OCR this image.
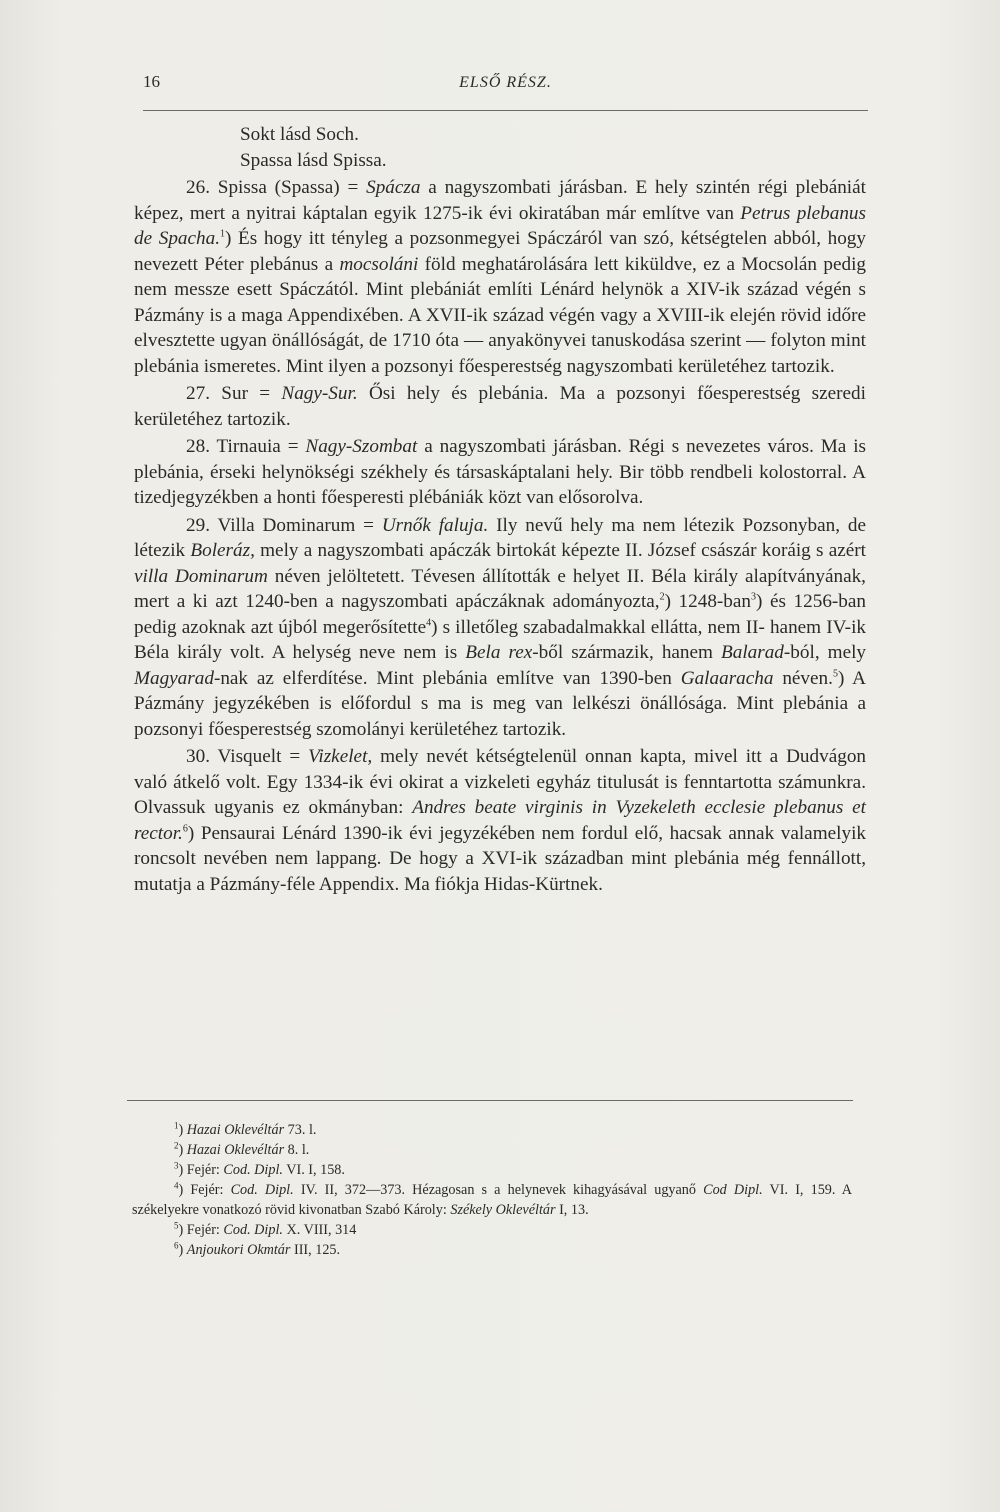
16	ELSŐ RÉSZ.

Sokt lásd Soch.

Spassa lásd Spissa.

26. Spissa (Spassa) = Spácza a nagyszombati járásban. E hely szintén régi plebániát képez, mert a nyitrai káptalan egyik 1275-ik évi okiratában már említve van Petrus plebanus de Spacha.$^1$) És hogy itt tényleg a pozsonmegyei Spáczáról van szó, kétségtelen abból, hogy nevezett Péter plebánus a mocsoláni föld meghatárolására lett kiküldve, ez a Mocsolán pedig nem messze esett Spáczától. Mint plebániát említi Lénárd helynök a XIV-ik század végén s Pázmány is a maga Appendixében. A XVII-ik század végén vagy a XVIII-ik elején rövid időre elvesztette ugyan önállóságát, de 1710 óta — anyakönyvei tanuskodása szerint — folyton mint plebánia ismeretes. Mint ilyen a pozsonyi főesperestség nagyszombati kerületéhez tartozik.

27. Sur = Nagy-Sur. Ősi hely és plebánia. Ma a pozsonyi főesperestség szeredi kerületéhez tartozik.

28. Tirnauia = Nagy-Szombat a nagyszombati járásban. Régi s nevezetes város. Ma is plebánia, érseki helynökségi székhely és társaskáptalani hely. Bir több rendbeli kolostorral. A tizedjegyzékben a honti főesperesti plébániák közt van elősorolva.

29. Villa Dominarum = Urnők faluja. Ily nevű hely ma nem létezik Pozsonyban, de létezik Boleráz, mely a nagyszombati apáczák birtokát képezte II. József császár koráig s azért villa Dominarum néven jelöltetett. Tévesen állították e helyet II. Béla király alapítványának, mert a ki azt 1240-ben a nagyszombati apáczáknak adományozta,$^2$) 1248-ban$^3$) és 1256-ban pedig azoknak azt újból megerősítette$^4$) s illetőleg szabadalmakkal ellátta, nem II- hanem IV-ik Béla király volt. A helység neve nem is Bela rex-ből származik, hanem Balarad-ból, mely Magyarad-nak az elferdítése. Mint plebánia említve van 1390-ben Galaaracha néven.$^5$) A Pázmány jegyzékében is előfordul s ma is meg van lelkészi önállósága. Mint plebánia a pozsonyi főesperestség szomolányi kerületéhez tartozik.

30. Visquelt = Vizkelet, mely nevét kétségtelenül onnan kapta, mivel itt a Dudvágon való átkelő volt. Egy 1334-ik évi okirat a vizkeleti egyház titulusát is fenntartotta számunkra. Olvassuk ugyanis ez okmányban: Andres beate virginis in Vyzekeleth ecclesie plebanus et rector.$^6$) Pensaurai Lénárd 1390-ik évi jegyzékében nem fordul elő, hacsak annak valamelyik roncsolt nevében nem lappang. De hogy a XVI-ik században mint plebánia még fennállott, mutatja a Pázmány-féle Appendix. Ma fiókja Hidas-Kürtnek.

$^1$) Hazai Oklevéltár 73. l.

$^2$) Hazai Oklevéltár 8. l.

$^3$) Fejér: Cod. Dipl. VI. I, 158.

$^4$) Fejér: Cod. Dipl. IV. II, 372—373. Hézagosan s a helynevek kihagyásával ugyanő Cod Dipl. VI. I, 159. A székelyekre vonatkozó rövid kivonatban Szabó Károly: Székely Oklevéltár I, 13.

$^5$) Fejér: Cod. Dipl. X. VIII, 314

$^6$) Anjoukori Okmtár III, 125.
